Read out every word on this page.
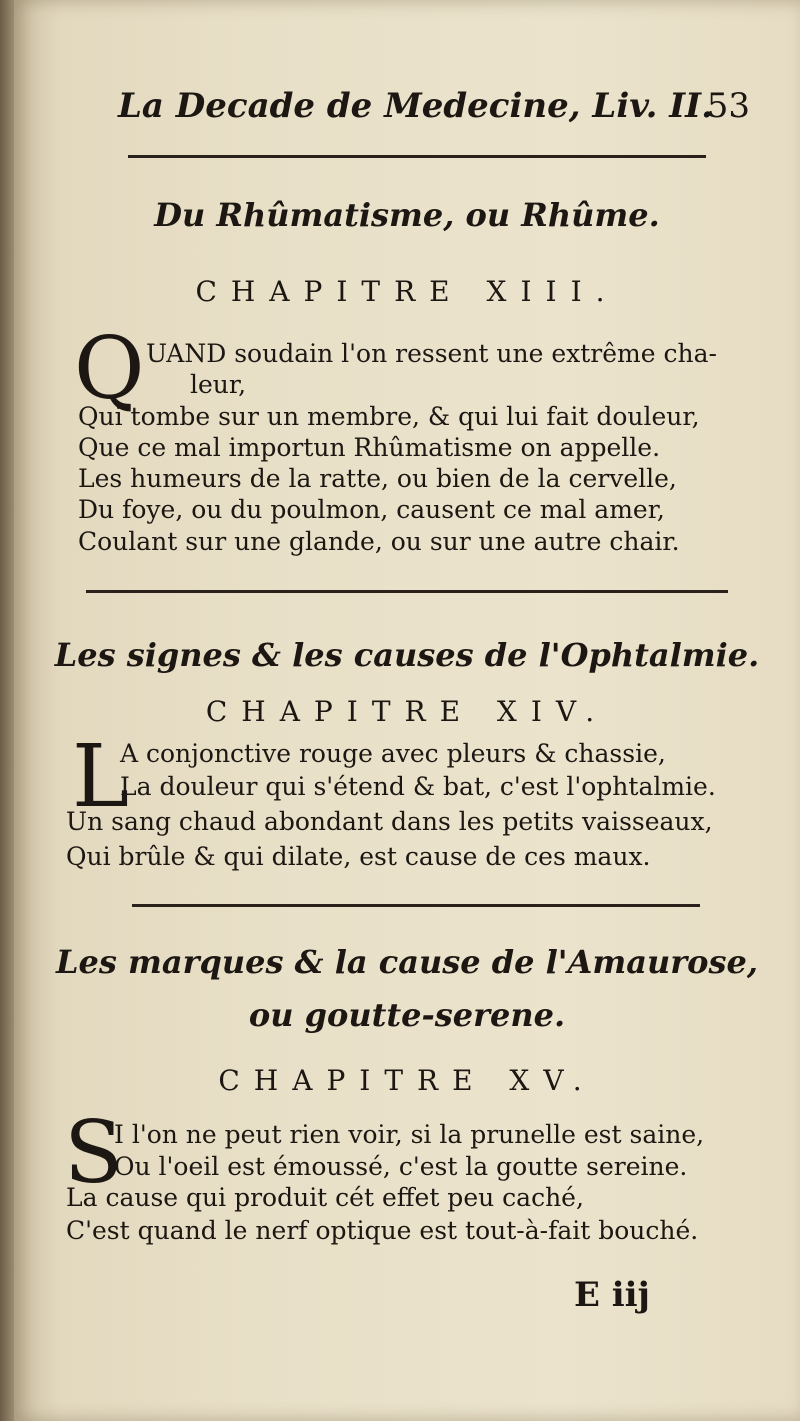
La Decade de Medecine, Liv. II.
53
Du Rhûmatisme, ou Rhûme.
CHAPITRE XIII.
Q UAND soudain l'on ressent une extrême cha-
leur,
Qui tombe sur un membre, & qui lui fait douleur,
Que ce mal importun Rhûmatisme on appelle.
Les humeurs de la ratte, ou bien de la cervelle,
Du foye, ou du poulmon, causent ce mal amer,
Coulant sur une glande, ou sur une autre chair.
Les signes & les causes de l'Ophtalmie.
CHAPITRE XIV.
L
A conjonctive rouge avec pleurs & chassie,
La douleur qui s'étend & bat, c'est l'ophtalmie.
Un sang chaud abondant dans les petits vaisseaux,
Qui brûle & qui dilate, est cause de ces maux.
Les marques & la cause de l'Amaurose,
ou goutte-serene.
CHAPITRE XV.
S
I l'on ne peut rien voir, si la prunelle est saine,
Ou l'oeil est émoussé, c'est la goutte sereine.
La cause qui produit cét effet peu caché,
C'est quand le nerf optique est tout-à-fait bouché.
E iij
